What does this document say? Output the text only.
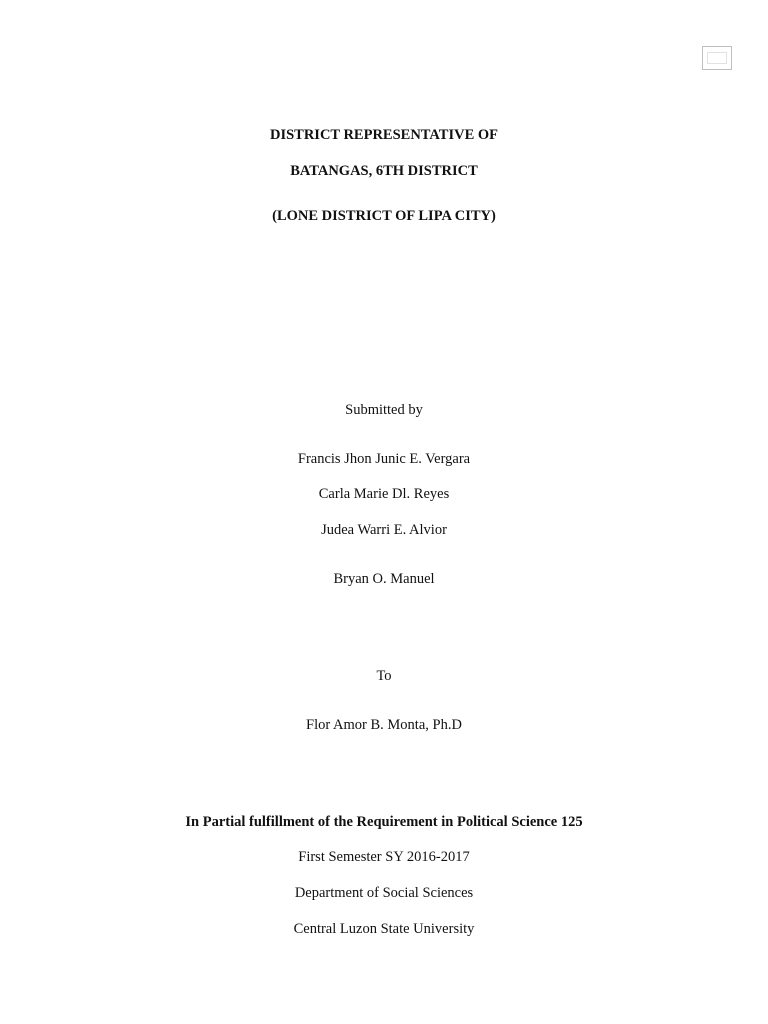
DISTRICT REPRESENTATIVE OF
BATANGAS, 6TH DISTRICT
(LONE DISTRICT OF LIPA CITY)
Submitted by
Francis Jhon Junic E. Vergara
Carla Marie Dl. Reyes
Judea Warri E. Alvior
Bryan O. Manuel
To
Flor Amor B. Monta, Ph.D
In Partial fulfillment of the Requirement in Political Science 125
First Semester SY 2016-2017
Department of Social Sciences
Central Luzon State University
